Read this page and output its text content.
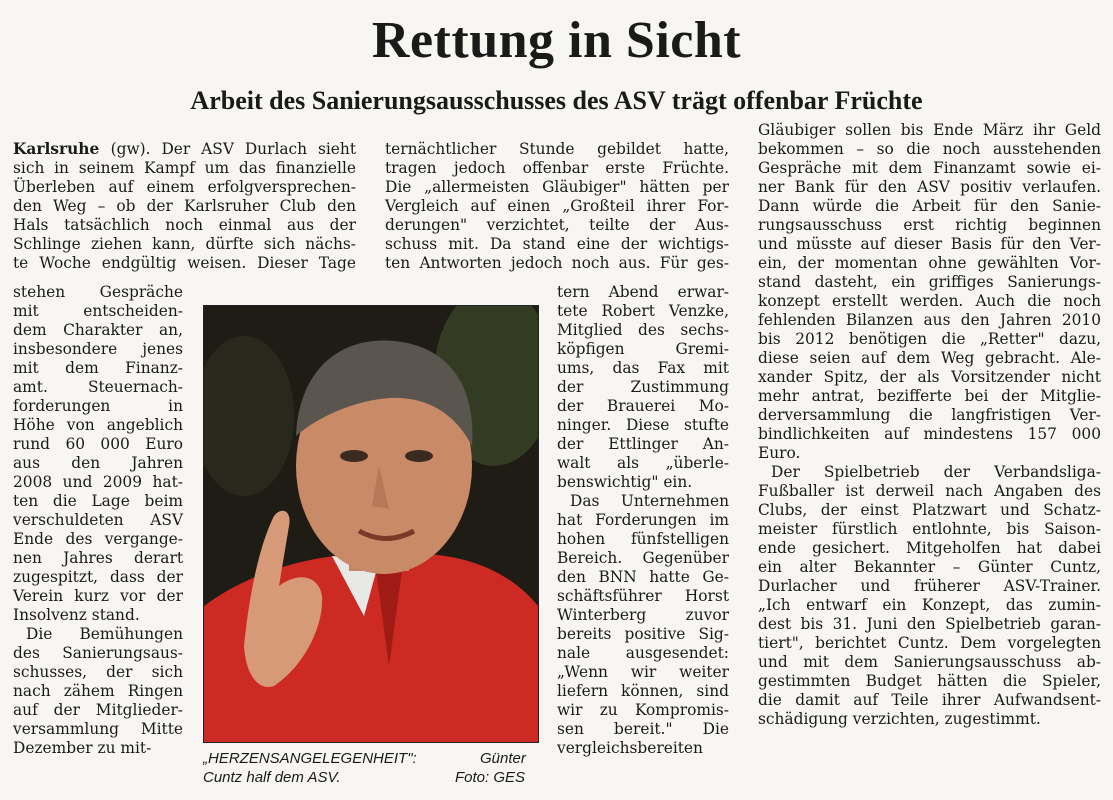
Rettung in Sicht
Arbeit des Sanierungsausschusses des ASV trägt offenbar Früchte

Karlsruhe (gw). Der ASV Durlach sieht

sich in seinem Kampf um das finanzielle

Überleben auf einem erfolgversprechen-

den Weg – ob der Karlsruher Club den

Hals tatsächlich noch einmal aus der

Schlinge ziehen kann, dürfte sich nächs-

te Woche endgültig weisen. Dieser Tage

stehen Gespräche

mit entscheiden-

dem Charakter an,

insbesondere jenes

mit dem Finanz-

amt. Steuernach-

forderungen in

Höhe von angeblich

rund 60 000 Euro

aus den Jahren

2008 und 2009 hat-

ten die Lage beim

verschuldeten ASV

Ende des vergange-

nen Jahres derart

zugespitzt, dass der

Verein kurz vor der

Insolvenz stand.

Die Bemühungen

des Sanierungsaus-

schusses, der sich

nach zähem Ringen

auf der Mitglieder-

versammlung Mitte

Dezember zu mit-

ternächtlicher Stunde gebildet hatte,

tragen jedoch offenbar erste Früchte.

Die „allermeisten Gläubiger" hätten per

Vergleich auf einen „Großteil ihrer For-

derungen" verzichtet, teilte der Aus-

schuss mit. Da stand eine der wichtigs-

ten Antworten jedoch noch aus. Für ges-

tern Abend erwar-

tete Robert Venzke,

Mitglied des sechs-

köpfigen Gremi-

ums, das Fax mit

der Zustimmung

der Brauerei Mo-

ninger. Diese stufte

der Ettlinger An-

walt als „überle-

benswichtig" ein.

Das Unternehmen

hat Forderungen im

hohen fünfstelligen

Bereich. Gegenüber

den BNN hatte Ge-

schäftsführer Horst

Winterberg zuvor

bereits positive Sig-

nale ausgesendet:

„Wenn wir weiter

liefern können, sind

wir zu Kompromis-

sen bereit." Die

vergleichsbereiten

Gläubiger sollen bis Ende März ihr Geld

bekommen – so die noch ausstehenden

Gespräche mit dem Finanzamt sowie ei-

ner Bank für den ASV positiv verlaufen.

Dann würde die Arbeit für den Sanie-

rungsausschuss erst richtig beginnen

und müsste auf dieser Basis für den Ver-

ein, der momentan ohne gewählten Vor-

stand dasteht, ein griffiges Sanierungs-

konzept erstellt werden. Auch die noch

fehlenden Bilanzen aus den Jahren 2010

bis 2012 benötigen die „Retter" dazu,

diese seien auf dem Weg gebracht. Ale-

xander Spitz, der als Vorsitzender nicht

mehr antrat, bezifferte bei der Mitglie-

derversammlung die langfristigen Ver-

bindlichkeiten auf mindestens 157 000

Euro.

Der Spielbetrieb der Verbandsliga-

Fußballer ist derweil nach Angaben des

Clubs, der einst Platzwart und Schatz-

meister fürstlich entlohnte, bis Saison-

ende gesichert. Mitgeholfen hat dabei

ein alter Bekannter – Günter Cuntz,

Durlacher und früherer ASV-Trainer.

„Ich entwarf ein Konzept, das zumin-

dest bis 31. Juni den Spielbetrieb garan-

tiert", berichtet Cuntz. Dem vorgelegten

und mit dem Sanierungsausschuss ab-

gestimmten Budget hätten die Spieler,

die damit auf Teile ihrer Aufwandsent-

schädigung verzichten, zugestimmt.

„HERZENSANGELEGENHEIT":	Günter

Cuntz half dem ASV.	Foto: GES
